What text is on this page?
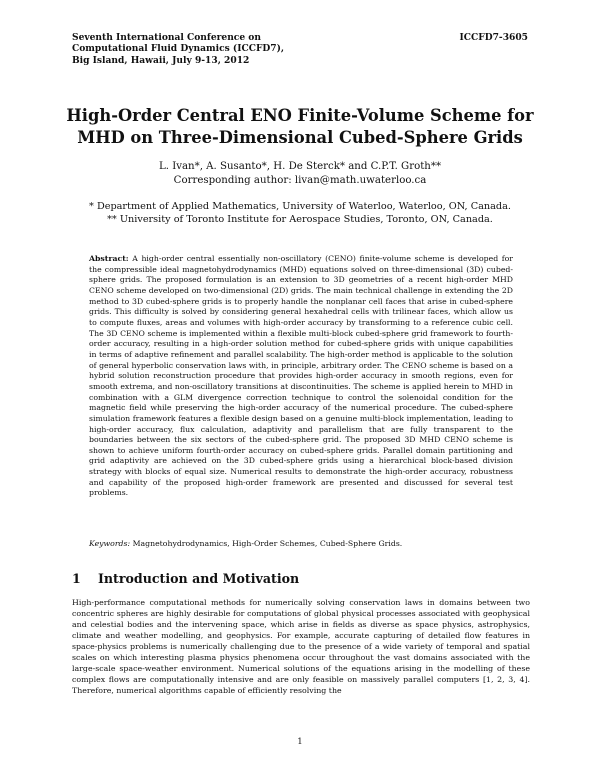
Seventh International Conference on
Computational Fluid Dynamics (ICCFD7),
Big Island, Hawaii, July 9-13, 2012
ICCFD7-3605
High-Order Central ENO Finite-Volume Scheme for
MHD on Three-Dimensional Cubed-Sphere Grids
L. Ivan*, A. Susanto*, H. De Sterck* and C.P.T. Groth**
Corresponding author: livan@math.uwaterloo.ca
* Department of Applied Mathematics, University of Waterloo, Waterloo, ON, Canada.
** University of Toronto Institute for Aerospace Studies, Toronto, ON, Canada.
Abstract: A high-order central essentially non-oscillatory (CENO) finite-volume scheme is developed for the compressible ideal magnetohydrodynamics (MHD) equations solved on three-dimensional (3D) cubed-sphere grids. The proposed formulation is an extension to 3D geometries of a recent high-order MHD CENO scheme developed on two-dimensional (2D) grids. The main technical challenge in extending the 2D method to 3D cubed-sphere grids is to properly handle the nonplanar cell faces that arise in cubed-sphere grids. This difficulty is solved by considering general hexahedral cells with trilinear faces, which allow us to compute fluxes, areas and volumes with high-order accuracy by transforming to a reference cubic cell. The 3D CENO scheme is implemented within a flexible multi-block cubed-sphere grid framework to fourth-order accuracy, resulting in a high-order solution method for cubed-sphere grids with unique capabilities in terms of adaptive refinement and parallel scalability. The high-order method is applicable to the solution of general hyperbolic conservation laws with, in principle, arbitrary order. The CENO scheme is based on a hybrid solution reconstruction procedure that provides high-order accuracy in smooth regions, even for smooth extrema, and non-oscillatory transitions at discontinuities. The scheme is applied herein to MHD in combination with a GLM divergence correction technique to control the solenoidal condition for the magnetic field while preserving the high-order accuracy of the numerical procedure. The cubed-sphere simulation framework features a flexible design based on a genuine multi-block implementation, leading to high-order accuracy, flux calculation, adaptivity and parallelism that are fully transparent to the boundaries between the six sectors of the cubed-sphere grid. The proposed 3D MHD CENO scheme is shown to achieve uniform fourth-order accuracy on cubed-sphere grids. Parallel domain partitioning and grid adaptivity are achieved on the 3D cubed-sphere grids using a hierarchical block-based division strategy with blocks of equal size. Numerical results to demonstrate the high-order accuracy, robustness and capability of the proposed high-order framework are presented and discussed for several test problems.
Keywords: Magnetohydrodynamics, High-Order Schemes, Cubed-Sphere Grids.
1 Introduction and Motivation
High-performance computational methods for numerically solving conservation laws in domains between two concentric spheres are highly desirable for computations of global physical processes associated with geophysical and celestial bodies and the intervening space, which arise in fields as diverse as space physics, astrophysics, climate and weather modelling, and geophysics. For example, accurate capturing of detailed flow features in space-physics problems is numerically challenging due to the presence of a wide variety of temporal and spatial scales on which interesting plasma physics phenomena occur throughout the vast domains associated with the large-scale space-weather environment. Numerical solutions of the equations arising in the modelling of these complex flows are computationally intensive and are only feasible on massively parallel computers [1, 2, 3, 4]. Therefore, numerical algorithms capable of efficiently resolving the
1
